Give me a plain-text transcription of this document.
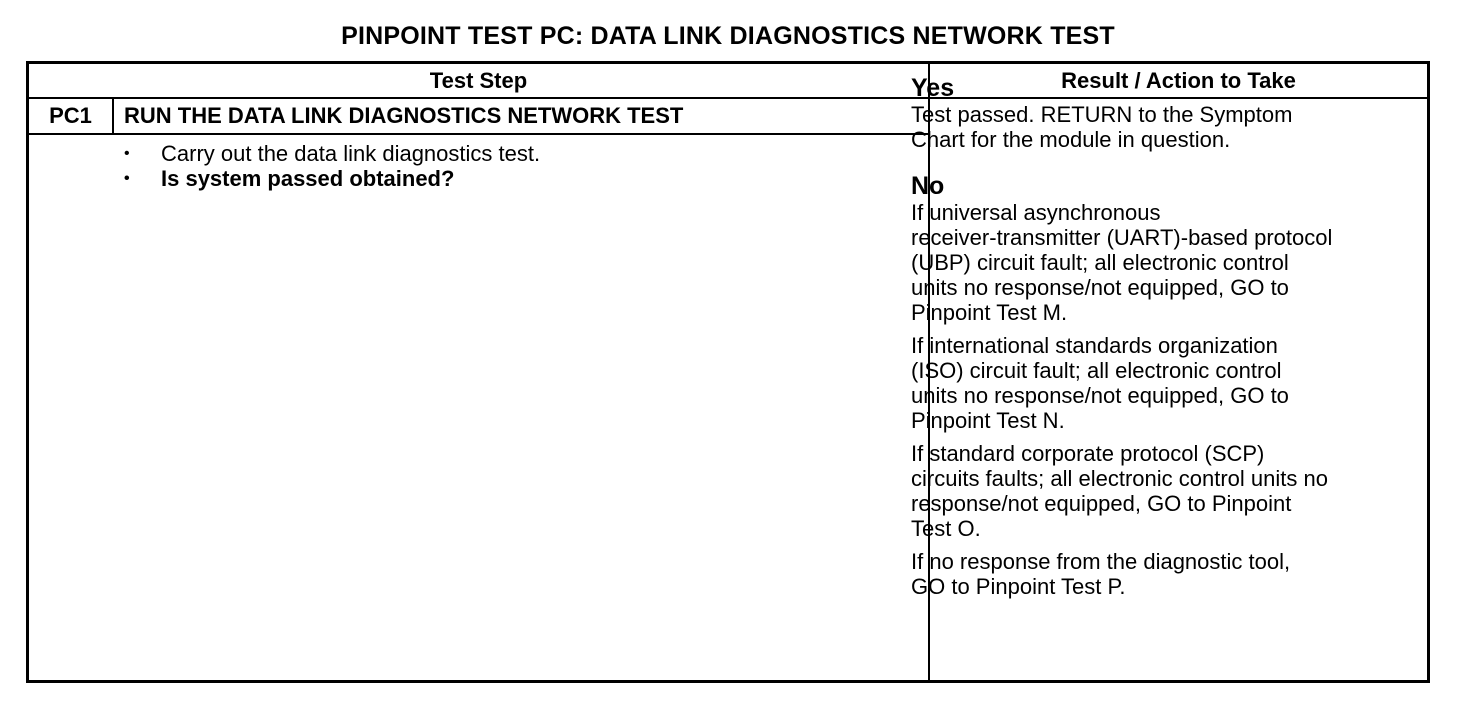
PINPOINT TEST PC: DATA LINK DIAGNOSTICS NETWORK TEST
Test Step	Result / Action to Take
PC1	RUN THE DATA LINK DIAGNOSTICS NETWORK TEST
• Carry out the data link diagnostics test.
• Is system passed obtained?
Yes
Test passed. RETURN to the Symptom
Chart for the module in question.
No
If universal asynchronous
receiver-transmitter (UART)-based protocol
(UBP) circuit fault; all electronic control
units no response/not equipped, GO to
Pinpoint Test M.
If international standards organization
(ISO) circuit fault; all electronic control
units no response/not equipped, GO to
Pinpoint Test N.
If standard corporate protocol (SCP)
circuits faults; all electronic control units no
response/not equipped, GO to Pinpoint
Test O.
If no response from the diagnostic tool,
GO to Pinpoint Test P.
